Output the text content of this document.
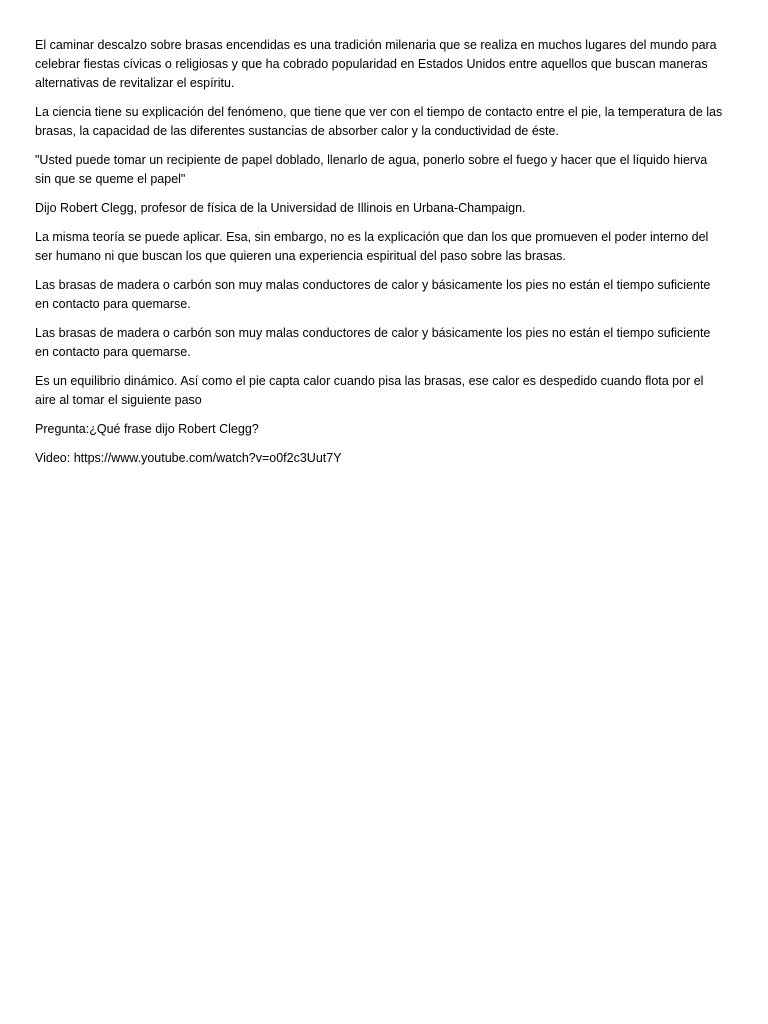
El caminar descalzo sobre brasas encendidas es una tradición milenaria que se realiza en muchos lugares del mundo para celebrar fiestas cívicas o religiosas y que ha cobrado popularidad en Estados Unidos entre aquellos que buscan maneras alternativas de revitalizar el espíritu.

La ciencia tiene su explicación del fenómeno, que tiene que ver con el tiempo de contacto entre el pie, la temperatura de las brasas, la capacidad de las diferentes sustancias de absorber calor y la conductividad de éste.

"Usted puede tomar un recipiente de papel doblado, llenarlo de agua, ponerlo sobre el fuego y hacer que el líquido hierva sin que se queme el papel"

Dijo Robert Clegg, profesor de física de la Universidad de Illinois en Urbana-Champaign.

La misma teoría se puede aplicar. Esa, sin embargo, no es la explicación que dan los que promueven el poder interno del ser humano ni que buscan los que quieren una experiencia espiritual del paso sobre las brasas.

Las brasas de madera o carbón son muy malas conductores de calor y básicamente los pies no están el tiempo suficiente en contacto para quemarse.

Las brasas de madera o carbón son muy malas conductores de calor y básicamente los pies no están el tiempo suficiente en contacto para quemarse.

Es un equilibrio dinámico. Así como el pie capta calor cuando pisa las brasas, ese calor es despedido cuando flota por el aire al tomar el siguiente paso

Pregunta:¿Qué frase dijo Robert Clegg?

Video: https://www.youtube.com/watch?v=o0f2c3Uut7Y
